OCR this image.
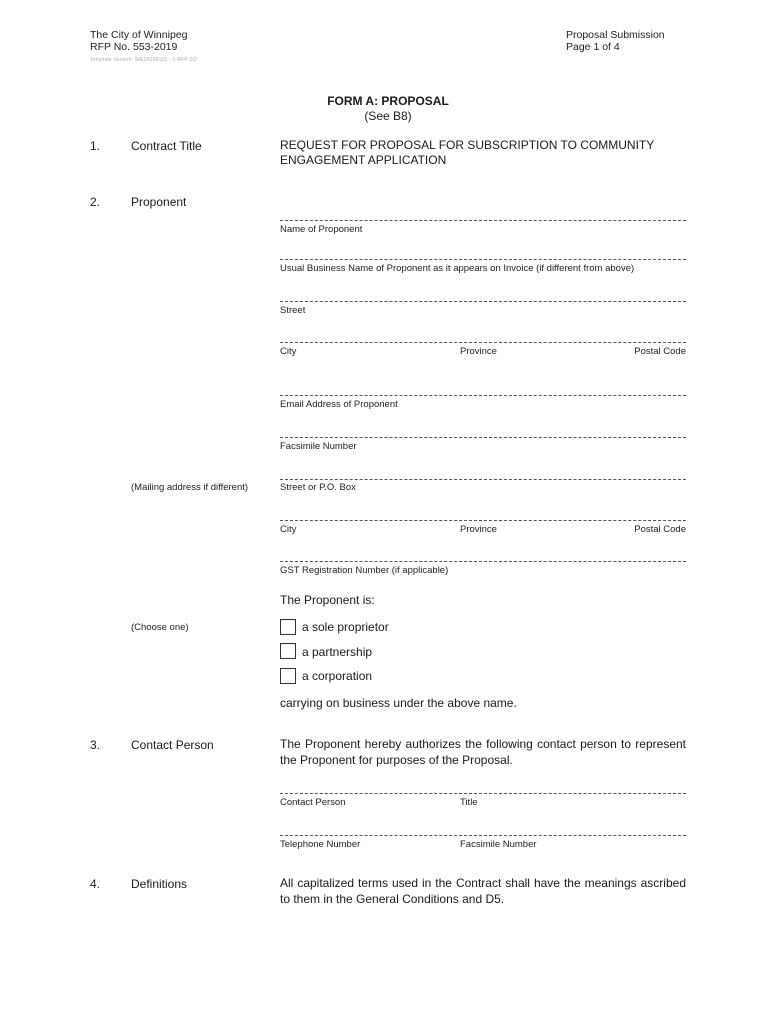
The City of Winnipeg
RFP No. 553-2019
Template Version: SrE20190115 - S RFP SO
Proposal Submission
Page 1 of 4
FORM A: PROPOSAL
(See B8)
1.	Contract Title	REQUEST FOR PROPOSAL FOR SUBSCRIPTION TO COMMUNITY
ENGAGEMENT APPLICATION
2.	Proponent
Name of Proponent
Usual Business Name of Proponent as it appears on Invoice (if different from above)
Street
City	Province	Postal Code
Email Address of Proponent
Facsimile Number
(Mailing address if different)	Street or P.O. Box
City	Province	Postal Code
GST Registration Number (if applicable)
The Proponent is:
(Choose one)	a sole proprietor
a partnership
a corporation
carrying on business under the above name.
3.	Contact Person	The Proponent hereby authorizes the following contact person to represent the Proponent for purposes of the Proposal.
Contact Person	Title
Telephone Number	Facsimile Number
4.	Definitions	All capitalized terms used in the Contract shall have the meanings ascribed to them in the General Conditions and D5.
